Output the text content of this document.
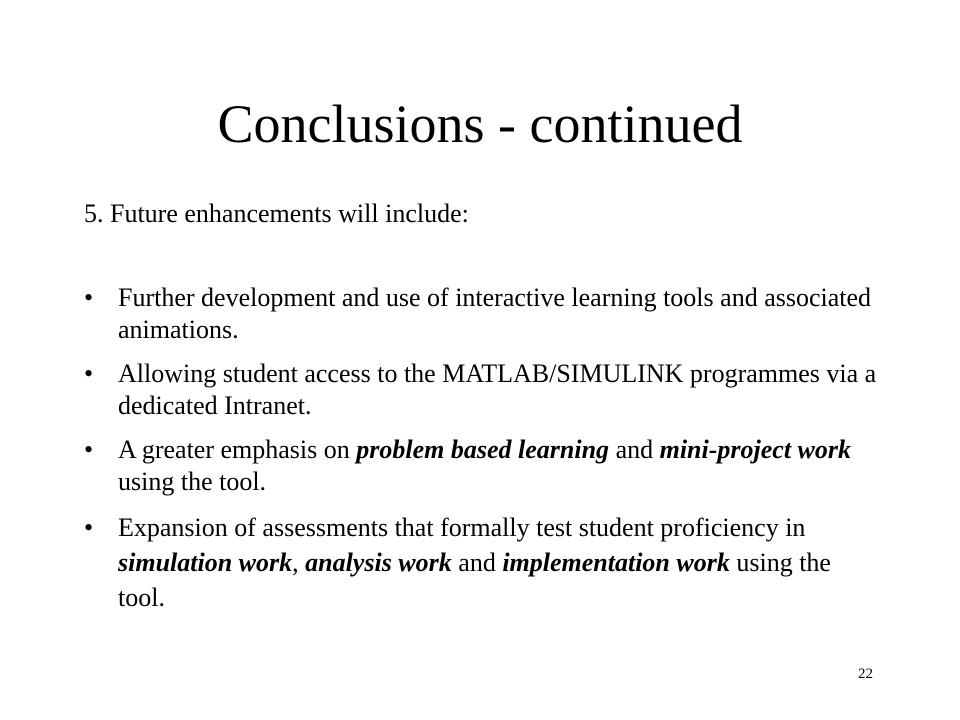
Conclusions - continued
5. Future enhancements will include:
• Further development and use of interactive learning tools and associated animations.
• Allowing student access to the MATLAB/SIMULINK programmes via a dedicated Intranet.
• A greater emphasis on problem based learning and mini-project work using the tool.
• Expansion of assessments that formally test student proficiency in simulation work, analysis work and implementation work using the tool.
22
